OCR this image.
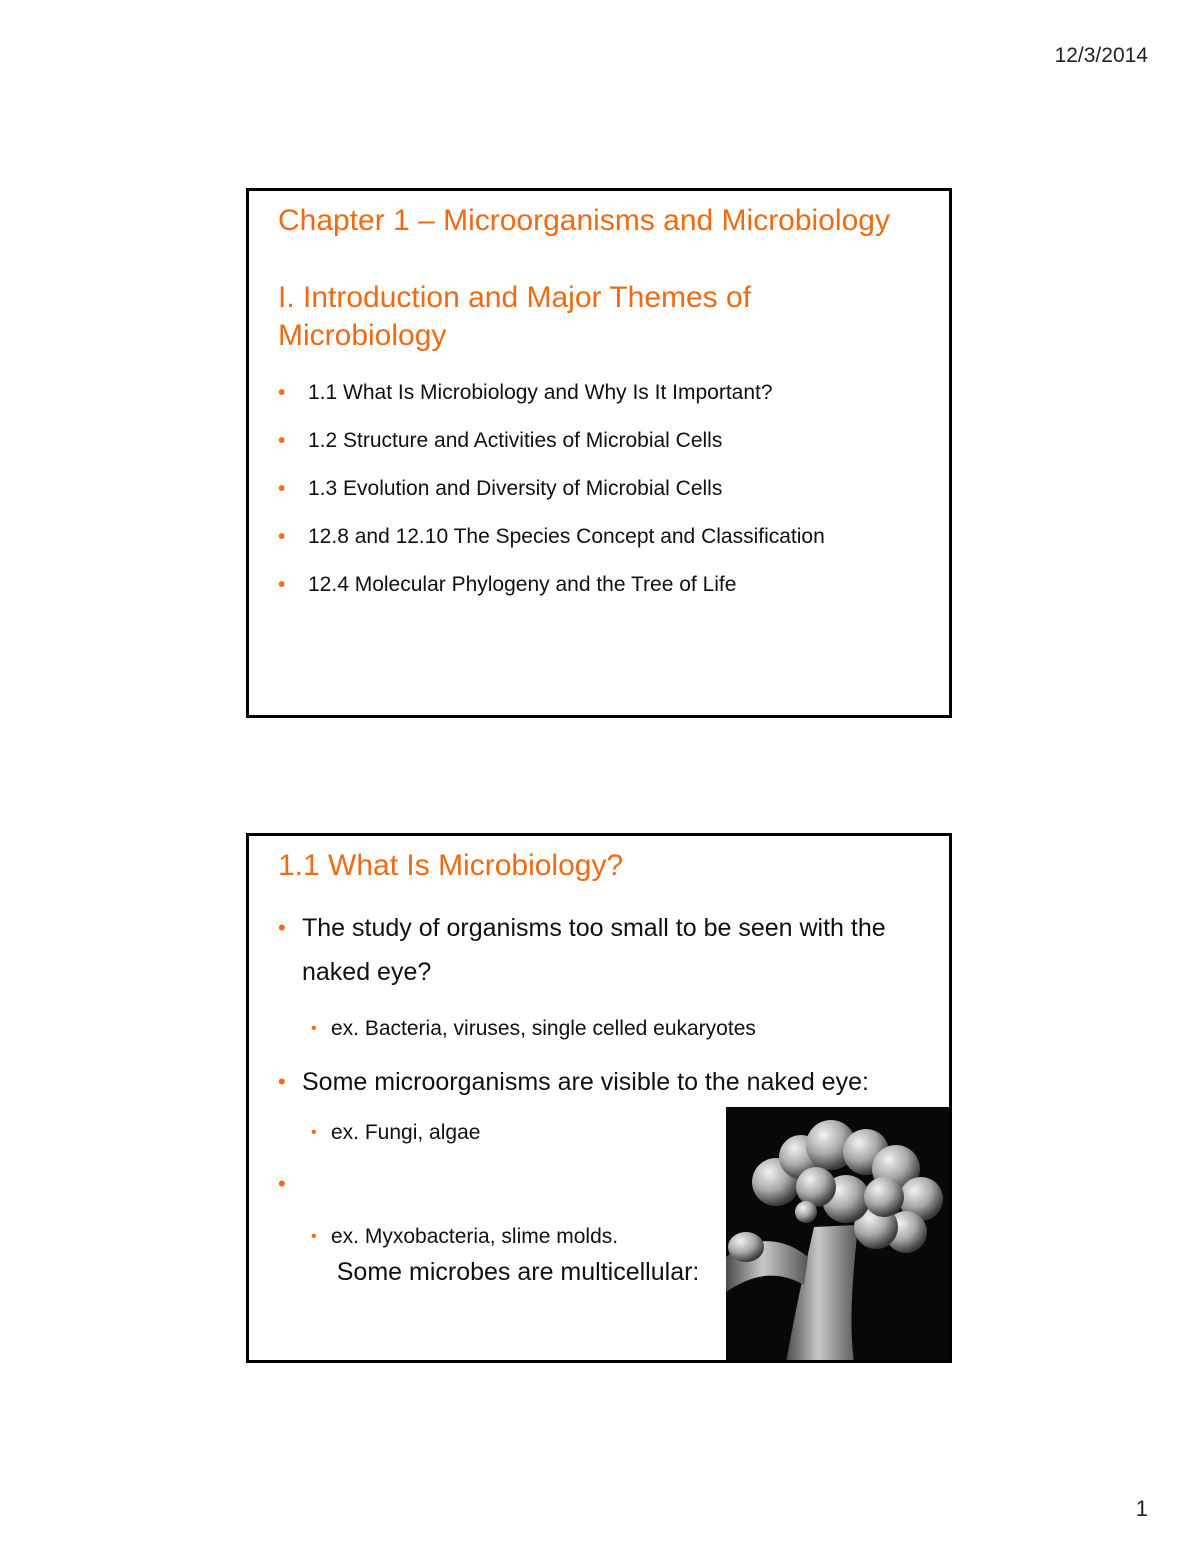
12/3/2014
Chapter 1 – Microorganisms and Microbiology
I. Introduction and Major Themes of Microbiology
• 1.1 What Is Microbiology and Why Is It Important?
• 1.2 Structure and Activities of Microbial Cells
• 1.3 Evolution and Diversity of Microbial Cells
• 12.8 and 12.10 The Species Concept and Classification
• 12.4 Molecular Phylogeny and the Tree of Life
1.1 What Is Microbiology?

• The study of organisms too small to be seen with the naked eye?

• ex. Bacteria, viruses, single celled eukaryotes

• Some microorganisms are visible to the naked eye:

• ex. Fungi, algae

•

Some microbes are multicellular:

• ex. Myxobacteria, slime molds.

1
